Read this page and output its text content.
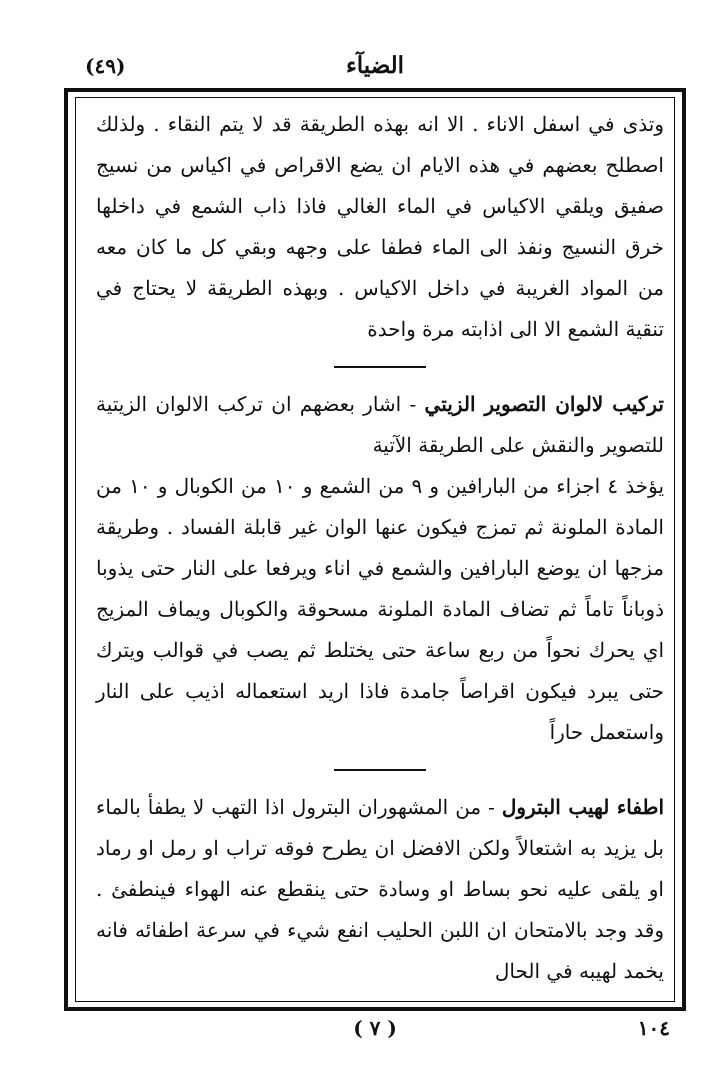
الضيآء
(٤٩)

وتذى في اسفل الاناء . الا انه بهذه الطريقة قد لا يتم النقاء . ولذلك اصطلح بعضهم في هذه الايام ان يضع الاقراص في اكياس من نسيج صفيق ويلقي الاكياس في الماء الغالي فاذا ذاب الشمع في داخلها خرق النسيج ونفذ الى الماء فطفا على وجهه وبقي كل ما كان معه من المواد الغريبة في داخل الاكياس . وبهذه الطريقة لا يحتاج في تنقية الشمع الا الى اذابته مرة واحدة

تركيب لالوان التصوير الزيتي - اشار بعضهم ان تركب الالوان الزيتية للتصوير والنقش على الطريقة الآتية

يؤخذ ٤ اجزاء من البارافين و ٩ من الشمع و ١٠ من الكوبال و ١٠ من المادة الملونة ثم تمزج فيكون عنها الوان غير قابلة الفساد . وطريقة مزجها ان يوضع البارافين والشمع في اناء ويرفعا على النار حتى يذوبا ذوباناً تاماً ثم تضاف المادة الملونة مسحوقة والكوبال ويماف المزيج اي يحرك نحواً من ربع ساعة حتى يختلط ثم يصب في قوالب ويترك حتى يبرد فيكون اقراصاً جامدة فاذا اريد استعماله اذيب على النار واستعمل حاراً

اطفاء لهيب البترول - من المشهوران البترول اذا التهب لا يطفأ بالماء بل يزيد به اشتعالاً ولكن الافضل ان يطرح فوقه تراب او رمل او رماد او يلقى عليه نحو بساط او وسادة حتى ينقطع عنه الهواء فينطفئ . وقد وجد بالامتحان ان اللبن الحليب انفع شيء في سرعة اطفائه فانه يخمد لهيبه في الحال

( ٧ )	١٠٤
